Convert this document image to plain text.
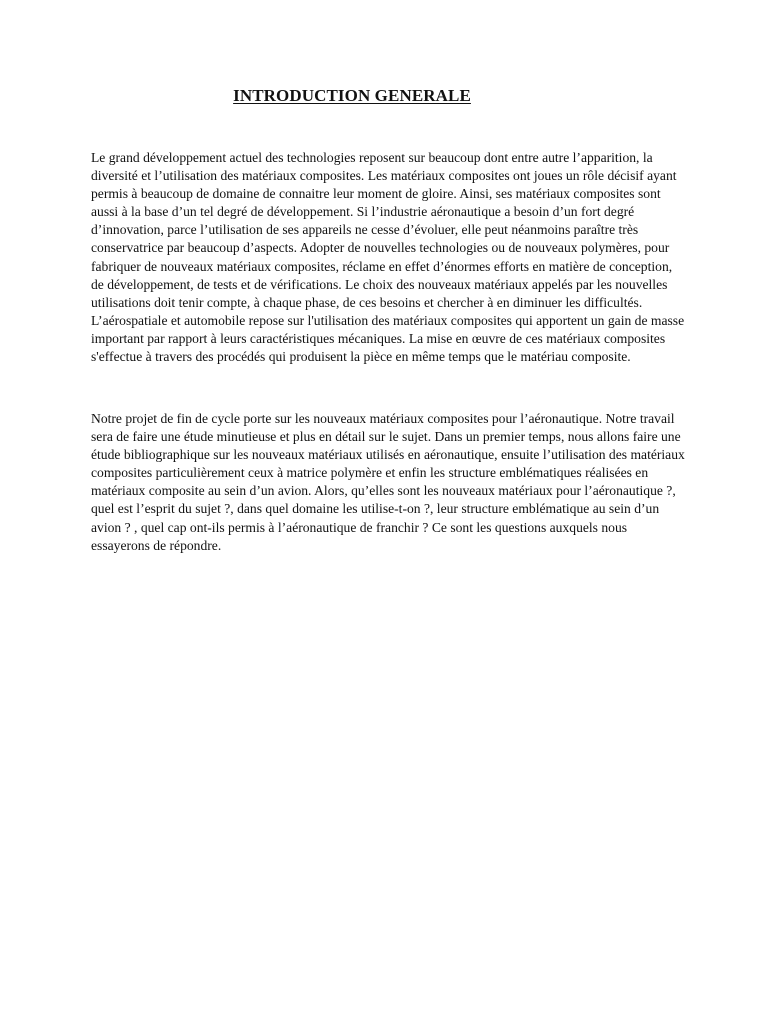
INTRODUCTION GENERALE
Le grand développement actuel des technologies reposent sur beaucoup dont entre autre l’apparition, la diversité et l’utilisation des matériaux composites. Les matériaux composites ont joues un rôle décisif ayant permis à beaucoup de domaine de connaitre leur moment de gloire. Ainsi, ses matériaux composites sont aussi à la base d’un tel degré de développement. Si l’industrie aéronautique a besoin d’un fort degré d’innovation, parce l’utilisation de ses appareils ne cesse d’évoluer, elle peut néanmoins paraître très conservatrice par beaucoup d’aspects. Adopter de nouvelles technologies ou de nouveaux polymères, pour fabriquer de nouveaux matériaux composites, réclame en effet d’énormes efforts en matière de conception, de développement, de tests et de vérifications. Le choix des nouveaux matériaux appelés par les nouvelles utilisations doit tenir compte, à chaque phase, de ces besoins et chercher à en diminuer les difficultés. L’aérospatiale et automobile repose sur l'utilisation des matériaux composites qui apportent un gain de masse important par rapport à leurs caractéristiques mécaniques. La mise en œuvre de ces matériaux composites s'effectue à travers des procédés qui produisent la pièce en même temps que le matériau composite.
Notre projet de fin de cycle porte sur les nouveaux matériaux composites pour l’aéronautique. Notre travail sera de faire une étude minutieuse et plus en détail sur le sujet. Dans un premier temps, nous allons faire une étude bibliographique sur les nouveaux matériaux utilisés en aéronautique, ensuite l’utilisation des matériaux composites particulièrement ceux à matrice polymère et enfin les structure emblématiques réalisées en matériaux composite au sein d’un avion. Alors, qu’elles sont les nouveaux matériaux pour l’aéronautique ?, quel est l’esprit du sujet ?, dans quel domaine les utilise-t-on ?, leur structure emblématique au sein d’un avion ? , quel cap ont-ils permis à l’aéronautique de franchir ? Ce sont les questions auxquels nous essayerons de répondre.
